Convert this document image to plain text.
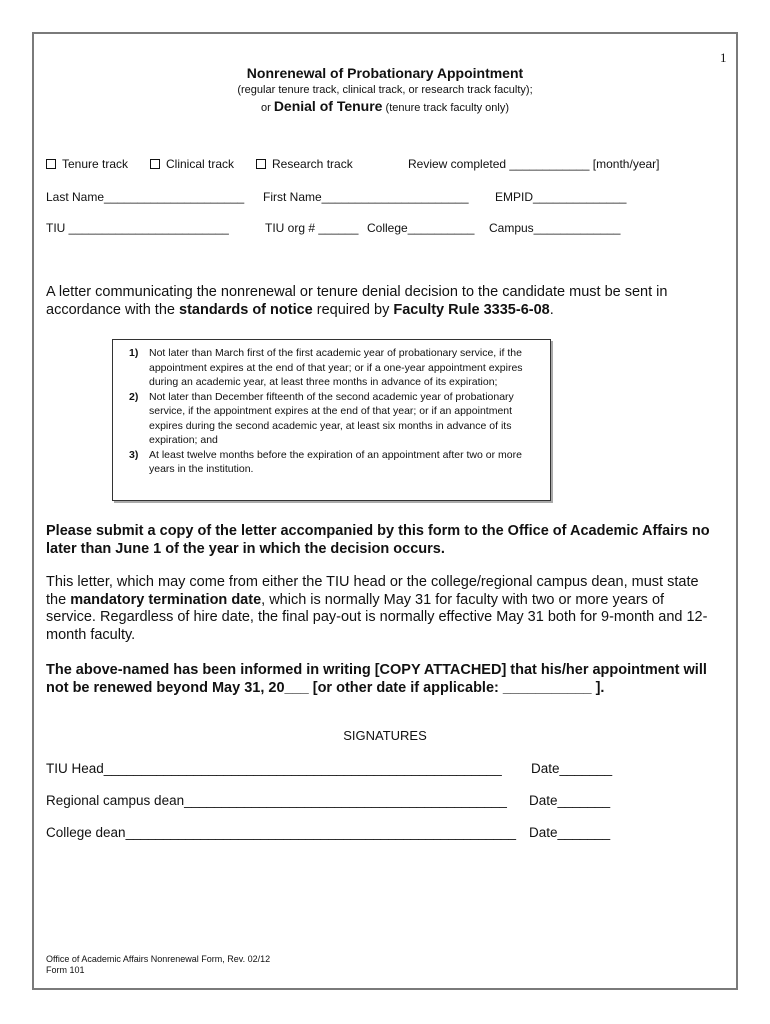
1
Nonrenewal of Probationary Appointment
(regular tenure track, clinical track, or research track faculty);
or Denial of Tenure (tenure track faculty only)
Tenure track	Clinical track	Research track	Review completed ____________ [month/year]
Last Name_____________________ First Name______________________ EMPID______________
TIU ________________________	TIU org # ______ College__________ Campus_____________
A letter communicating the nonrenewal or tenure denial decision to the candidate must be sent in accordance with the standards of notice required by Faculty Rule 3335-6-08.
1) Not later than March first of the first academic year of probationary service, if the appointment expires at the end of that year; or if a one-year appointment expires during an academic year, at least three months in advance of its expiration;
2) Not later than December fifteenth of the second academic year of probationary service, if the appointment expires at the end of that year; or if an appointment expires during the second academic year, at least six months in advance of its expiration; and
3) At least twelve months before the expiration of an appointment after two or more years in the institution.
Please submit a copy of the letter accompanied by this form to the Office of Academic Affairs no later than June 1 of the year in which the decision occurs.
This letter, which may come from either the TIU head or the college/regional campus dean, must state the mandatory termination date, which is normally May 31 for faculty with two or more years of service. Regardless of hire date, the final pay-out is normally effective May 31 both for 9-month and 12-month faculty.
The above-named has been informed in writing [COPY ATTACHED] that his/her appointment will not be renewed beyond May 31, 20___ [or other date if applicable: ___________ ].
SIGNATURES
TIU Head_____________________________________________________ Date_______
Regional campus dean___________________________________________ Date_______
College dean____________________________________________________ Date_______
Office of Academic Affairs Nonrenewal Form, Rev. 02/12
Form 101
